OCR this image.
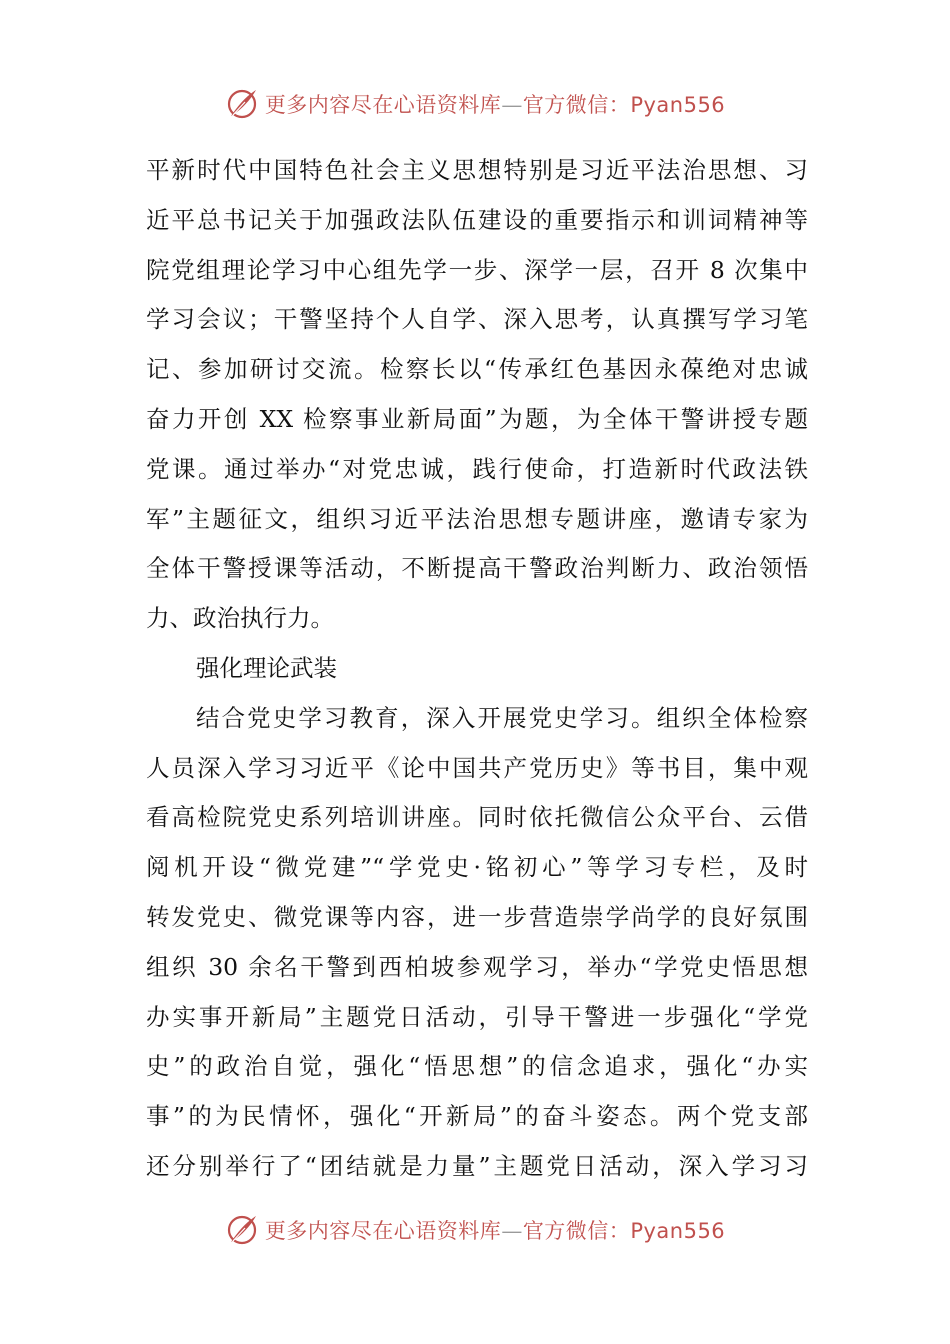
更多内容尽在心语资料库—官方微信：Pyan556
平新时代中国特色社会主义思想特别是习近平法治思想、习
近平总书记关于加强政法队伍建设的重要指示和训词精神等
院党组理论学习中心组先学一步、深学一层，召开 8 次集中
学习会议；干警坚持个人自学、深入思考，认真撰写学习笔
记、参加研讨交流。检察长以“传承红色基因永葆绝对忠诚
奋力开创 XX 检察事业新局面”为题，为全体干警讲授专题
党课。通过举办“对党忠诚，践行使命，打造新时代政法铁
军”主题征文，组织习近平法治思想专题讲座，邀请专家为
全体干警授课等活动，不断提高干警政治判断力、政治领悟
力、政治执行力。
强化理论武装
结合党史学习教育，深入开展党史学习。组织全体检察
人员深入学习习近平《论中国共产党历史》等书目，集中观
看高检院党史系列培训讲座。同时依托微信公众平台、云借
阅机开设“微党建”“学党史·铭初心”等学习专栏，及时
转发党史、微党课等内容，进一步营造崇学尚学的良好氛围
组织 30 余名干警到西柏坡参观学习，举办“学党史悟思想
办实事开新局”主题党日活动，引导干警进一步强化“学党
史”的政治自觉，强化“悟思想”的信念追求，强化“办实
事”的为民情怀，强化“开新局”的奋斗姿态。两个党支部
还分别举行了“团结就是力量”主题党日活动，深入学习习
更多内容尽在心语资料库—官方微信：Pyan556
